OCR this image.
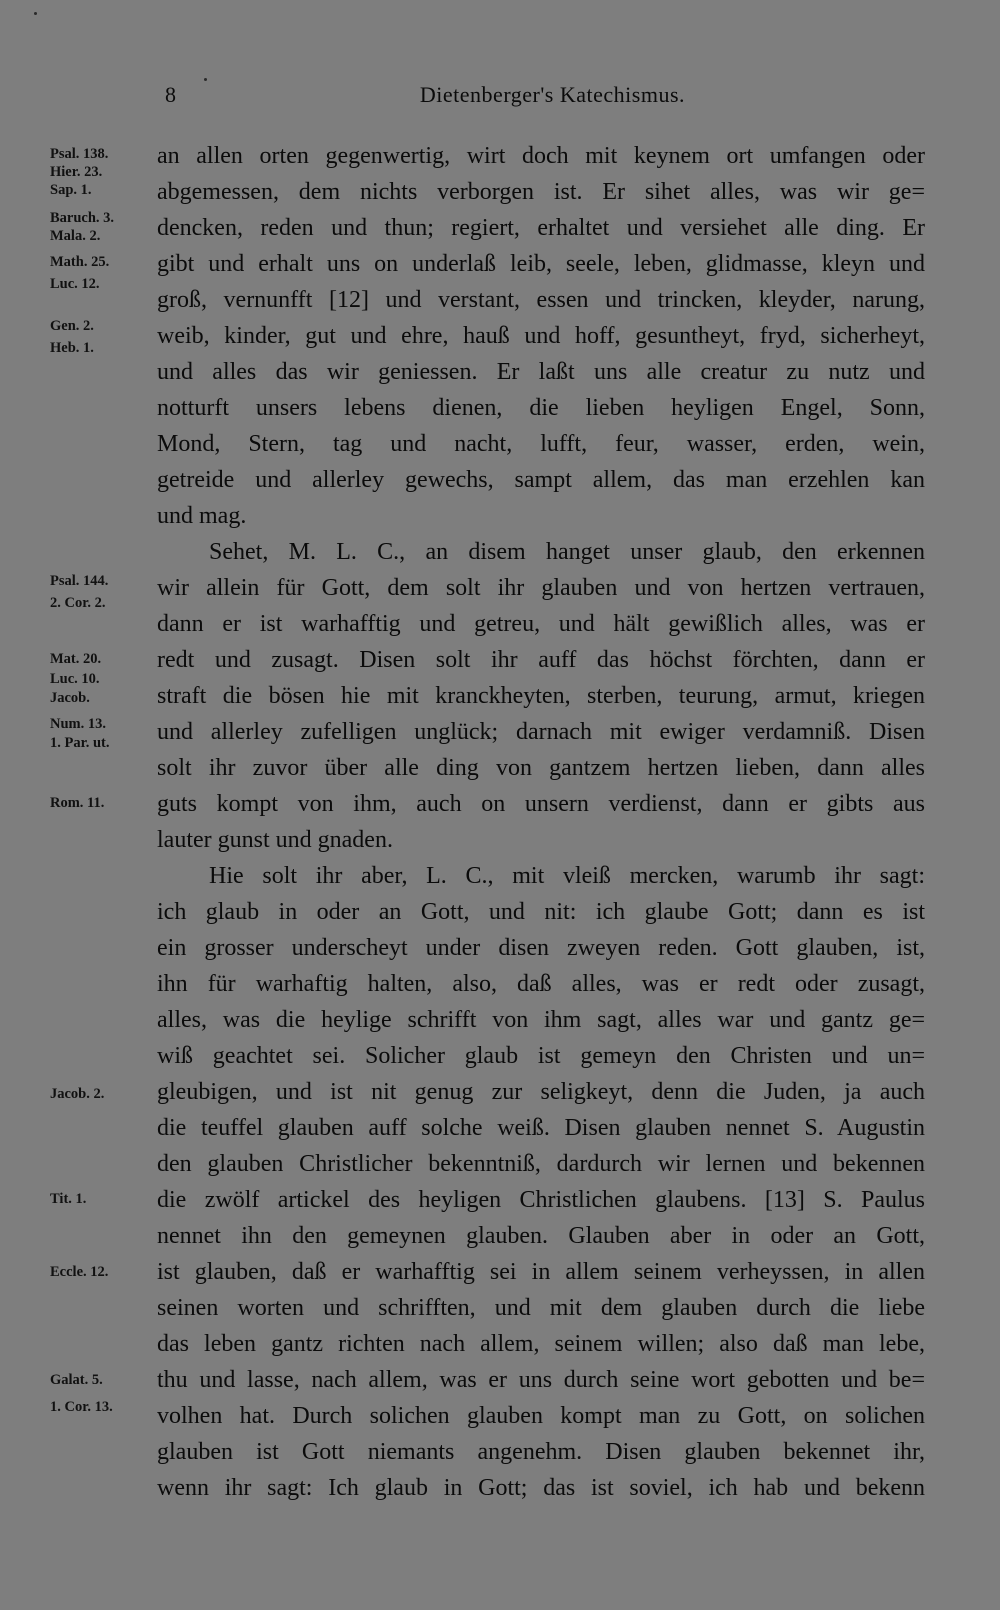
8	Dietenberger's Katechismus.
Psal. 138.
Hier. 23.
Sap. 1.
Baruch. 3.
Mala. 2.
Math. 25.
Luc. 12.
Gen. 2.
Heb. 1.
Psal. 144.
2. Cor. 2.
Mat. 20.
Luc. 10.
Jacob.
Num. 13.
1. Par. ut.
Rom. 11.
Jacob. 2.
Tit. 1.
Eccle. 12.
Galat. 5.
1. Cor. 13.
an allen orten gegenwertig, wirt doch mit keynem ort umfangen oder
abgemessen, dem nichts verborgen ist. Er sihet alles, was wir ge=
dencken, reden und thun; regiert, erhaltet und versiehet alle ding. Er
gibt und erhalt uns on underlaß leib, seele, leben, glidmasse, kleyn und
groß, vernunfft [12] und verstant, essen und trincken, kleyder, narung,
weib, kinder, gut und ehre, hauß und hoff, gesuntheyt, fryd, sicherheyt,
und alles das wir geniessen. Er laßt uns alle creatur zu nutz und
notturft unsers lebens dienen, die lieben heyligen Engel, Sonn,
Mond, Stern, tag und nacht, lufft, feur, wasser, erden, wein,
getreide und allerley gewechs, sampt allem, das man erzehlen kan
und mag.
Sehet, M. L. C., an disem hanget unser glaub, den erkennen
wir allein für Gott, dem solt ihr glauben und von hertzen vertrauen,
dann er ist warhafftig und getreu, und hält gewißlich alles, was er
redt und zusagt. Disen solt ihr auff das höchst förchten, dann er
straft die bösen hie mit kranckheyten, sterben, teurung, armut, kriegen
und allerley zufelligen unglück; darnach mit ewiger verdamniß. Disen
solt ihr zuvor über alle ding von gantzem hertzen lieben, dann alles
guts kompt von ihm, auch on unsern verdienst, dann er gibts aus
lauter gunst und gnaden.
Hie solt ihr aber, L. C., mit vleiß mercken, warumb ihr sagt:
ich glaub in oder an Gott, und nit: ich glaube Gott; dann es ist
ein grosser underscheyt under disen zweyen reden. Gott glauben, ist,
ihn für warhaftig halten, also, daß alles, was er redt oder zusagt,
alles, was die heylige schrifft von ihm sagt, alles war und gantz ge=
wiß geachtet sei. Solicher glaub ist gemeyn den Christen und un=
gleubigen, und ist nit genug zur seligkeyt, denn die Juden, ja auch
die teuffel glauben auff solche weiß. Disen glauben nennet S. Augustin
den glauben Christlicher bekenntniß, dardurch wir lernen und bekennen
die zwölf artickel des heyligen Christlichen glaubens. [13] S. Paulus
nennet ihn den gemeynen glauben. Glauben aber in oder an Gott,
ist glauben, daß er warhafftig sei in allem seinem verheyssen, in allen
seinen worten und schrifften, und mit dem glauben durch die liebe
das leben gantz richten nach allem, seinem willen; also daß man lebe,
thu und lasse, nach allem, was er uns durch seine wort gebotten und be=
volhen hat. Durch solichen glauben kompt man zu Gott, on solichen
glauben ist Gott niemants angenehm. Disen glauben bekennet ihr,
wenn ihr sagt: Ich glaub in Gott; das ist soviel, ich hab und bekenn
